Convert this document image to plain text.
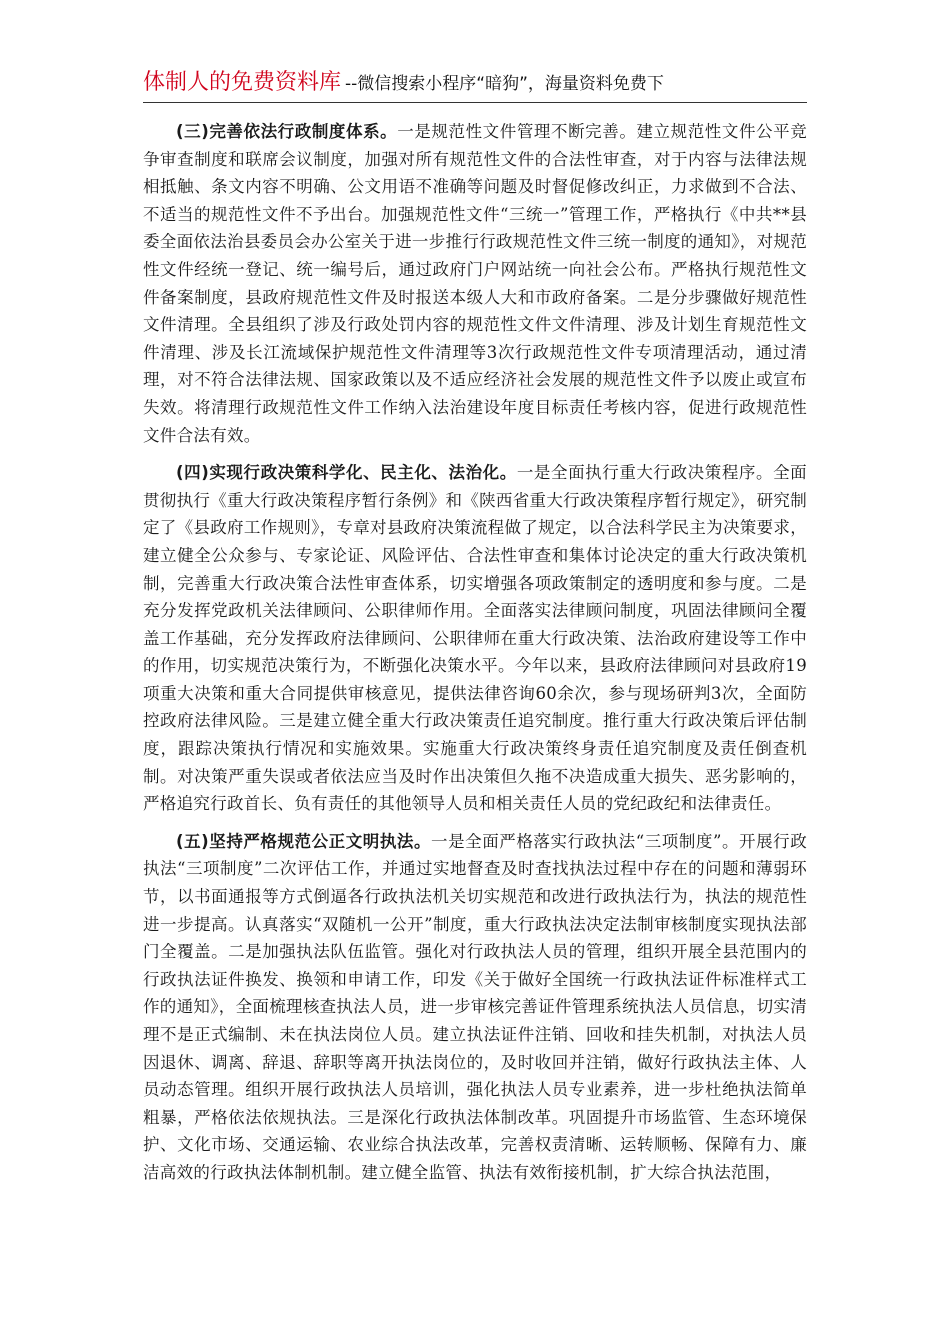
体制人的免费资料库 --微信搜索小程序“暗狗”，海量资料免费下

(三)完善依法行政制度体系。一是规范性文件管理不断完善。建立规范性文件公平竞争审查制度和联席会议制度，加强对所有规范性文件的合法性审查，对于内容与法律法规相抵触、条文内容不明确、公文用语不准确等问题及时督促修改纠正，力求做到不合法、不适当的规范性文件不予出台。加强规范性文件“三统一”管理工作，严格执行《中共**县委全面依法治县委员会办公室关于进一步推行行政规范性文件三统一制度的通知》，对规范性文件经统一登记、统一编号后，通过政府门户网站统一向社会公布。严格执行规范性文件备案制度，县政府规范性文件及时报送本级人大和市政府备案。二是分步骤做好规范性文件清理。全县组织了涉及行政处罚内容的规范性文件文件清理、涉及计划生育规范性文件清理、涉及长江流域保护规范性文件清理等3次行政规范性文件专项清理活动，通过清理，对不符合法律法规、国家政策以及不适应经济社会发展的规范性文件予以废止或宣布失效。将清理行政规范性文件工作纳入法治建设年度目标责任考核内容，促进行政规范性文件合法有效。

(四)实现行政决策科学化、民主化、法治化。一是全面执行重大行政决策程序。全面贯彻执行《重大行政决策程序暂行条例》和《陕西省重大行政决策程序暂行规定》，研究制定了《县政府工作规则》，专章对县政府决策流程做了规定，以合法科学民主为决策要求，建立健全公众参与、专家论证、风险评估、合法性审查和集体讨论决定的重大行政决策机制，完善重大行政决策合法性审查体系，切实增强各项政策制定的透明度和参与度。二是充分发挥党政机关法律顾问、公职律师作用。全面落实法律顾问制度，巩固法律顾问全覆盖工作基础，充分发挥政府法律顾问、公职律师在重大行政决策、法治政府建设等工作中的作用，切实规范决策行为，不断强化决策水平。今年以来，县政府法律顾问对县政府19项重大决策和重大合同提供审核意见，提供法律咨询60余次，参与现场研判3次，全面防控政府法律风险。三是建立健全重大行政决策责任追究制度。推行重大行政决策后评估制度，跟踪决策执行情况和实施效果。实施重大行政决策终身责任追究制度及责任倒查机制。对决策严重失误或者依法应当及时作出决策但久拖不决造成重大损失、恶劣影响的，严格追究行政首长、负有责任的其他领导人员和相关责任人员的党纪政纪和法律责任。

(五)坚持严格规范公正文明执法。一是全面严格落实行政执法“三项制度”。开展行政执法“三项制度”二次评估工作，并通过实地督查及时查找执法过程中存在的问题和薄弱环节，以书面通报等方式倒逼各行政执法机关切实规范和改进行政执法行为，执法的规范性进一步提高。认真落实“双随机一公开”制度，重大行政执法决定法制审核制度实现执法部门全覆盖。二是加强执法队伍监管。强化对行政执法人员的管理，组织开展全县范围内的行政执法证件换发、换领和申请工作，印发《关于做好全国统一行政执法证件标准样式工作的通知》，全面梳理核查执法人员，进一步审核完善证件管理系统执法人员信息，切实清理不是正式编制、未在执法岗位人员。建立执法证件注销、回收和挂失机制，对执法人员因退休、调离、辞退、辞职等离开执法岗位的，及时收回并注销，做好行政执法主体、人员动态管理。组织开展行政执法人员培训，强化执法人员专业素养，进一步杜绝执法简单粗暴，严格依法依规执法。三是深化行政执法体制改革。巩固提升市场监管、生态环境保护、文化市场、交通运输、农业综合执法改革，完善权责清晰、运转顺畅、保障有力、廉洁高效的行政执法体制机制。建立健全监管、执法有效衔接机制，扩大综合执法范围，
